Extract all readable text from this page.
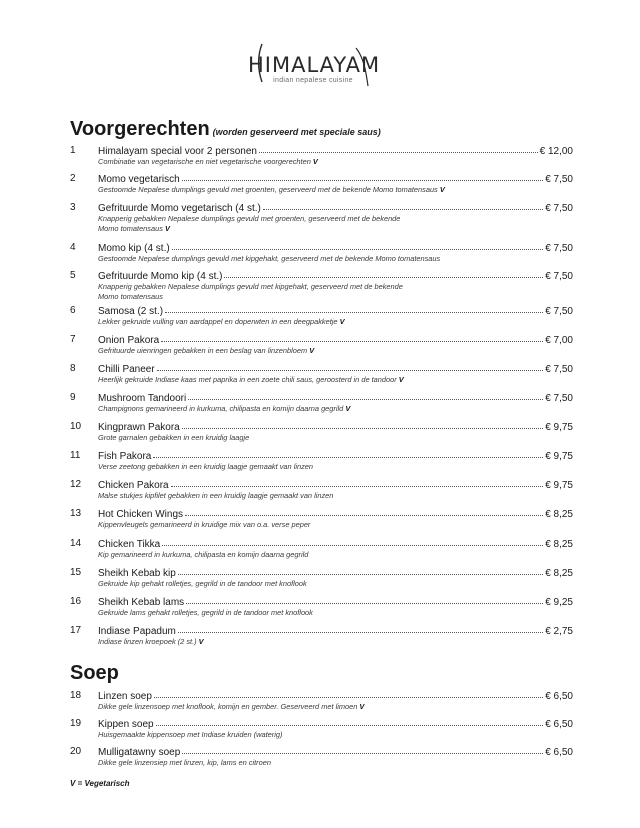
HIMALAYAM
indian nepalese cuisine
Voorgerechten (worden geserveerd met speciale saus)
1 Himalayam special voor 2 personen	€ 12,00
Combinatie van vegetarische en niet vegetarische voorgerechten V
2 Momo vegetarisch	€ 7,50
Gestoomde Nepalese dumplings gevuld met groenten, geserveerd met de bekende Momo tomatensaus V
3 Gefrituurde Momo vegetarisch (4 st.)	€ 7,50
Knapperig gebakken Nepalese dumplings gevuld met groenten, geserveerd met de bekende
Momo tomatensaus V
4 Momo kip (4 st.)	€ 7,50
Gestoomde Nepalese dumplings gevuld met kipgehakt, geserveerd met de bekende Momo tomatensaus
5 Gefrituurde Momo kip (4 st.)	€ 7,50
Knapperig gebakken Nepalese dumplings gevuld met kipgehakt, geserveerd met de bekende
Momo tomatensaus
6 Samosa (2 st.)	€ 7,50
Lekker gekruide vulling van aardappel en doperwten in een deegpakketje V
7 Onion Pakora	€ 7,00
Gefrituurde uienringen gebakken in een beslag van linzenbloem V
8 Chilli Paneer	€ 7,50
Heerlijk gekruide Indiase kaas met paprika in een zoete chili saus, geroosterd in de tandoor V
9 Mushroom Tandoori	€ 7,50
Champignons gemarineerd in kurkuma, chilipasta en komijn daarna gegrild V
10 Kingprawn Pakora	€ 9,75
Grote garnalen gebakken in een kruidig laagje
11 Fish Pakora	€ 9,75
Verse zeetong gebakken in een kruidig laagje gemaakt van linzen
12 Chicken Pakora	€ 9,75
Malse stukjes kipfilet gebakken in een kruidig laagje gemaakt van linzen
13 Hot Chicken Wings	€ 8,25
Kippenvleugels gemarineerd in kruidige mix van o.a. verse peper
14 Chicken Tikka	€ 8,25
Kip gemarineerd in kurkuma, chilipasta en komijn daarna gegrild
15 Sheikh Kebab kip	€ 8,25
Gekruide kip gehakt rolletjes, gegrild in de tandoor met knoflook
16 Sheikh Kebab lams	€ 9,25
Gekruide lams gehakt rolletjes, gegrild in de tandoor met knoflook
17 Indiase Papadum	€ 2,75
Indiase linzen kroepoek (2 st.) V
Soep
18 Linzen soep	€ 6,50
Dikke gele linzensoep met knoflook, komijn en gember. Geserveerd met limoen V
19 Kippen soep	€ 6,50
Huisgemaakte kippensoep met Indiase kruiden (waterig)
20 Mulligatawny soep	€ 6,50
Dikke gele linzensiep met linzen, kip, lams en citroen
V = Vegetarisch
